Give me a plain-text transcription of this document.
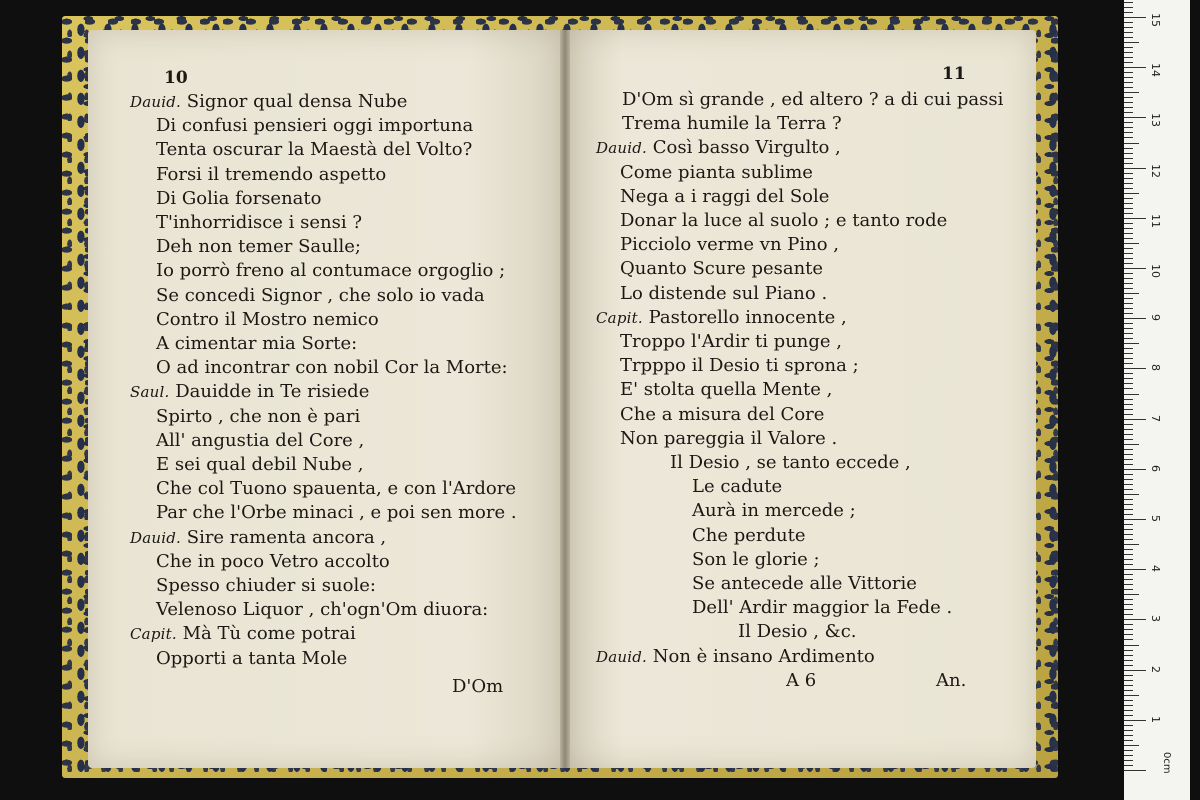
10
Dauid. Signor qual densa Nube
Di confusi pensieri oggi importuna
Tenta oscurar la Maestà del Volto?
Forsi il tremendo aspetto
Di Golia forsenato
T'inhorridisce i sensi ?
Deh non temer Saulle;
Io porrò freno al contumace orgoglio ;
Se concedi Signor , che solo io vada
Contro il Mostro nemico
A cimentar mia Sorte:
O ad incontrar con nobil Cor la Morte:
Saul. Dauidde in Te risiede
Spirto , che non è pari
All' angustia del Core ,
E sei qual debil Nube ,
Che col Tuono spauenta, e con l'Ardore
Par che l'Orbe minaci , e poi sen more .
Dauid. Sire ramenta ancora ,
Che in poco Vetro accolto
Spesso chiuder si suole:
Velenoso Liquor , ch'ogn'Om diuora:
Capit. Mà Tù come potrai
Opporti a tanta Mole
D'Om
11
D'Om sì grande , ed altero ? a di cui passi
Trema humile la Terra ?
Dauid. Così basso Virgulto ,
Come pianta sublime
Nega a i raggi del Sole
Donar la luce al suolo ; e tanto rode
Picciolo verme vn Pino ,
Quanto Scure pesante
Lo distende sul Piano .
Capit. Pastorello innocente ,
Troppo l'Ardir ti punge ,
Trpppo il Desio ti sprona ;
E' stolta quella Mente ,
Che a misura del Core
Non pareggia il Valore .
Il Desio , se tanto eccede ,
Le cadute
Aurà in mercede ;
Che perdute
Son le glorie ;
Se antecede alle Vittorie
Dell' Ardir maggior la Fede .
Il Desio , &c.
Dauid. Non è insano Ardimento
A 6	An.
0cm
1
2
3
4
5
6
7
8
9
10
11
12
13
14
15
